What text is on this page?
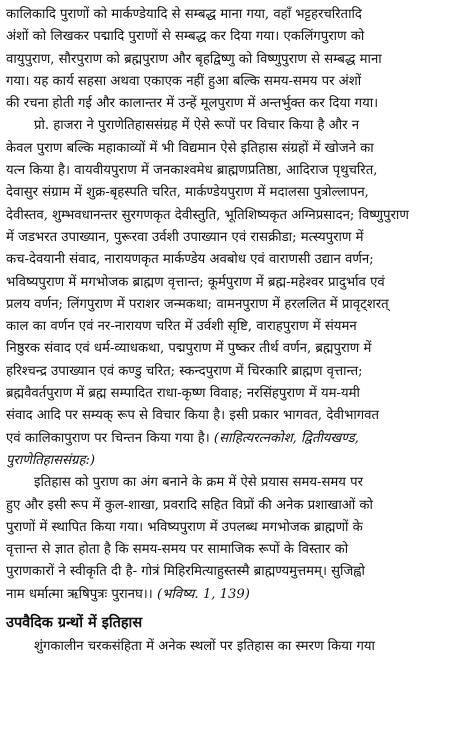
कालिकादि पुराणों को मार्कण्डेयादि से सम्बद्ध माना गया, वहाँ भट्टहरचरितादि
अंशों को लिखकर पद्मादि पुराणों से सम्बद्ध कर दिया गया। एकलिंगपुराण को
वायुपुराण, सौरपुराण को ब्रह्मपुराण और बृहद्विष्णु को विष्णुपुराण से सम्बद्ध माना
गया। यह कार्य सहसा अथवा एकाएक नहीं हुआ बल्कि समय-समय पर अंशों
की रचना होती गई और कालान्तर में उन्हें मूलपुराण में अन्तर्भुक्त कर दिया गया।

प्रो. हाजरा ने पुराणेतिहाससंग्रह में ऐसे रूपों पर विचार किया है और न
केवल पुराण बल्कि महाकाव्यों में भी विद्यमान ऐसे इतिहास संग्रहों में खोजने का
यत्न किया है। वायवीयपुराण में जनकाश्वमेध ब्राह्मणप्रतिष्ठा, आदिराज पृथुचरित,
देवासुर संग्राम में शुक्र-बृहस्पति चरित, मार्कण्डेयपुराण में मदालसा पुत्रोल्लापन,
देवीस्तव, शुम्भवधानन्तर सुरगणकृत देवीस्तुति, भूतिशिष्यकृत अग्निप्रसादन; विष्णुपुराण
में जडभरत उपाख्यान, पुरूरवा उर्वशी उपाख्यान एवं रासक्रीडा; मत्स्यपुराण में
कच-देवयानी संवाद, नारायणकृत मार्कण्डेय अवबोध एवं वाराणसी उद्यान वर्णन;
भविष्यपुराण में मगभोजक ब्राह्मण वृत्तान्त; कूर्मपुराण में ब्रह्म-महेश्वर प्रादुर्भाव एवं
प्रलय वर्णन; लिंगपुराण में पराशर जन्मकथा; वामनपुराण में हरललित में प्रावृट्शरत्
काल का वर्णन एवं नर-नारायण चरित में उर्वशी सृष्टि, वाराहपुराण में संयमन
निष्ठुरक संवाद एवं धर्म-व्याधकथा, पद्मपुराण में पुष्कर तीर्थ वर्णन, ब्रह्मपुराण में
हरिश्चन्द्र उपाख्यान एवं कण्डु चरित; स्कन्दपुराण में चिरकारि ब्राह्मण वृत्तान्त;
ब्रह्मवैवर्तपुराण में ब्रह्म सम्पादित राधा-कृष्ण विवाह; नरसिंहपुराण में यम-यमी
संवाद आदि पर सम्यक् रूप से विचार किया है। इसी प्रकार भागवत, देवीभागवत
एवं कालिकापुराण पर चिन्तन किया गया है। (साहित्यरत्नकोश, द्वितीयखण्ड,
पुराणेतिहाससंग्रह:)

इतिहास को पुराण का अंग बनाने के क्रम में ऐसे प्रयास समय-समय पर
हुए और इसी रूप में कुल-शाखा, प्रवरादि सहित विप्रों की अनेक प्रशाखाओं को
पुराणों में स्थापित किया गया। भविष्यपुराण में उपलब्ध मगभोजक ब्राह्मणों के
वृत्तान्त से ज्ञात होता है कि समय-समय पर सामाजिक रूपों के विस्तार को
पुराणकारों ने स्वीकृति दी है- गोत्रं मिहिरमित्याहुस्तस्मै ब्राह्मण्यमुत्तमम्। सुजिह्वो
नाम धर्मात्मा ऋषिपुत्रः पुरानघ।। (भविष्य. 1, 139)

उपवैदिक ग्रन्थों में इतिहास

शुंगकालीन चरकसंहिता में अनेक स्थलों पर इतिहास का स्मरण किया गया
